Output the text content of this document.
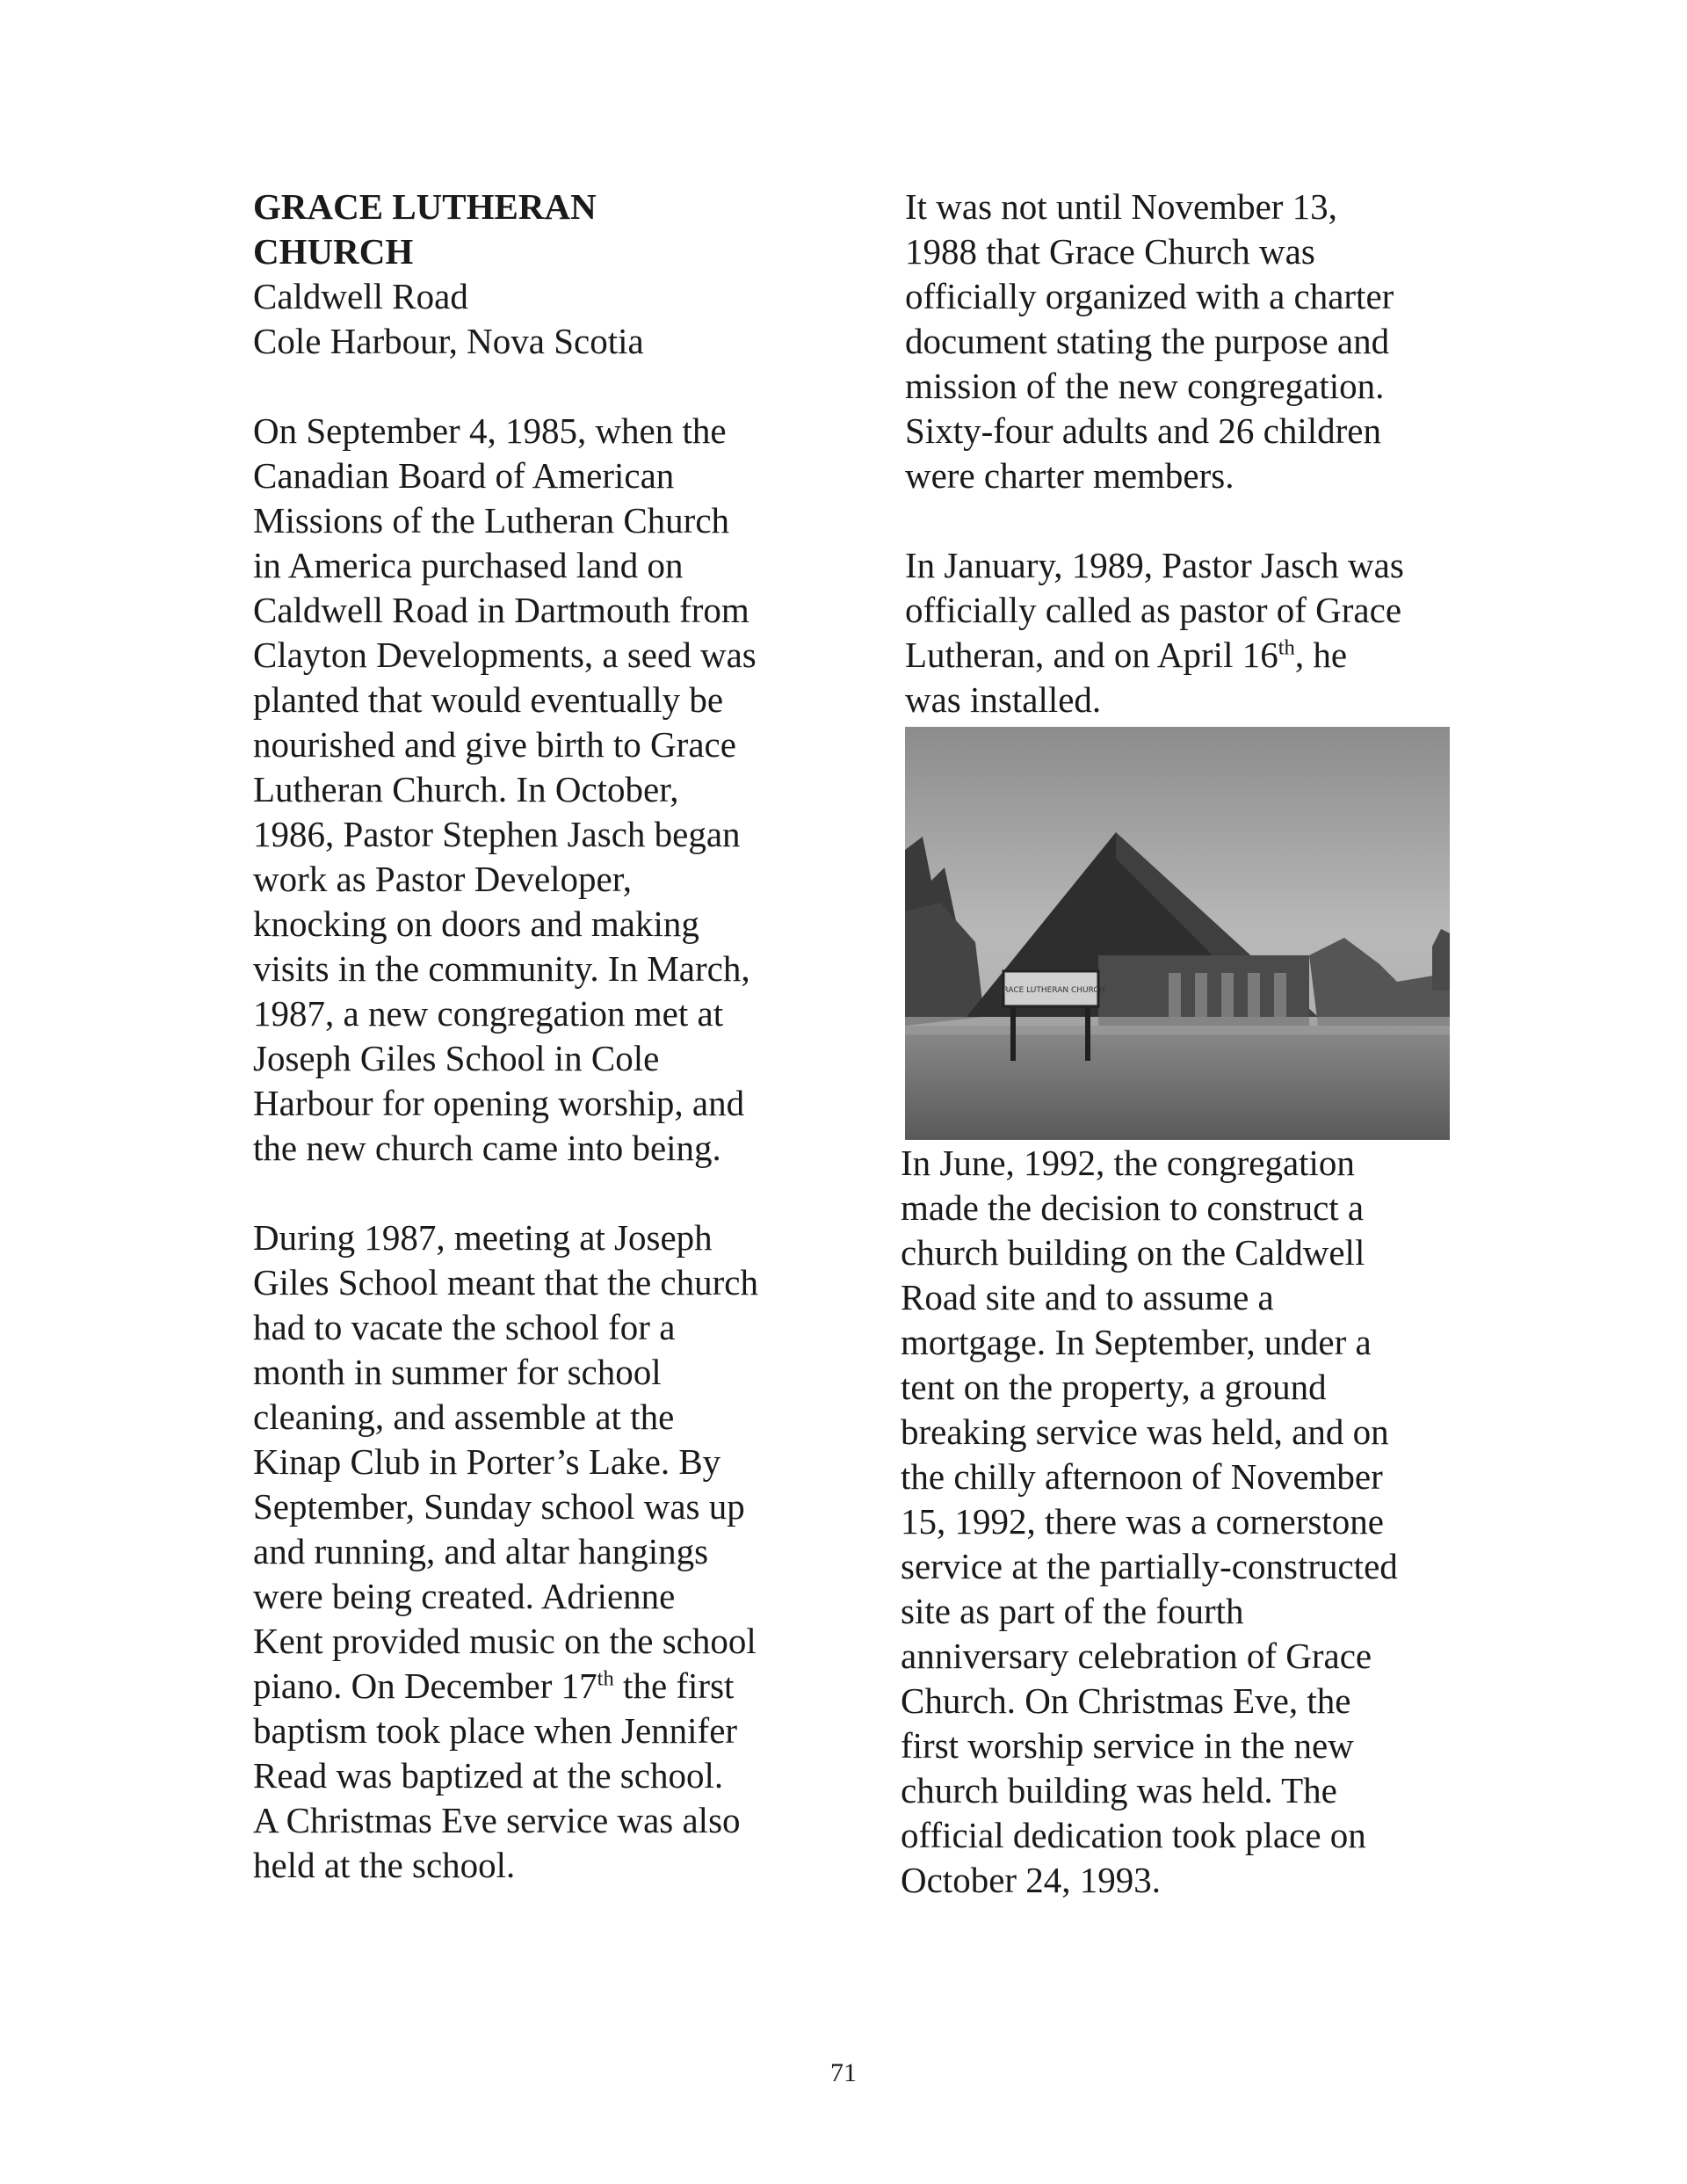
GRACE LUTHERAN

CHURCH

Caldwell Road

Cole Harbour, Nova Scotia

On September 4, 1985, when the

Canadian Board of American

Missions of the Lutheran Church

in America purchased land on

Caldwell Road in Dartmouth from

Clayton Developments, a seed was

planted that would eventually be

nourished and give birth to Grace

Lutheran Church. In October,

1986, Pastor Stephen Jasch began

work as Pastor Developer,

knocking on doors and making

visits in the community. In March,

1987, a new congregation met at

Joseph Giles School in Cole

Harbour for opening worship, and

the new church came into being.

During 1987, meeting at Joseph

Giles School meant that the church

had to vacate the school for a

month in summer for school

cleaning, and assemble at the

Kinap Club in Porter’s Lake. By

September, Sunday school was up

and running, and altar hangings

were being created. Adrienne

Kent provided music on the school

piano. On December 17th the first

baptism took place when Jennifer

Read was baptized at the school.

A Christmas Eve service was also

held at the school.

It was not until November 13,

1988 that Grace Church was

officially organized with a charter

document stating the purpose and

mission of the new congregation.

Sixty-four adults and 26 children

were charter members.

In January, 1989, Pastor Jasch was

officially called as pastor of Grace

Lutheran, and on April 16th, he

was installed.

GRACE LUTHERAN CHURCH

In June, 1992, the congregation

made the decision to construct a

church building on the Caldwell

Road site and to assume a

mortgage. In September, under a

tent on the property, a ground

breaking service was held, and on

the chilly afternoon of November

15, 1992, there was a cornerstone

service at the partially-constructed

site as part of the fourth

anniversary celebration of Grace

Church. On Christmas Eve, the

first worship service in the new

church building was held. The

official dedication took place on

October 24, 1993.

71
